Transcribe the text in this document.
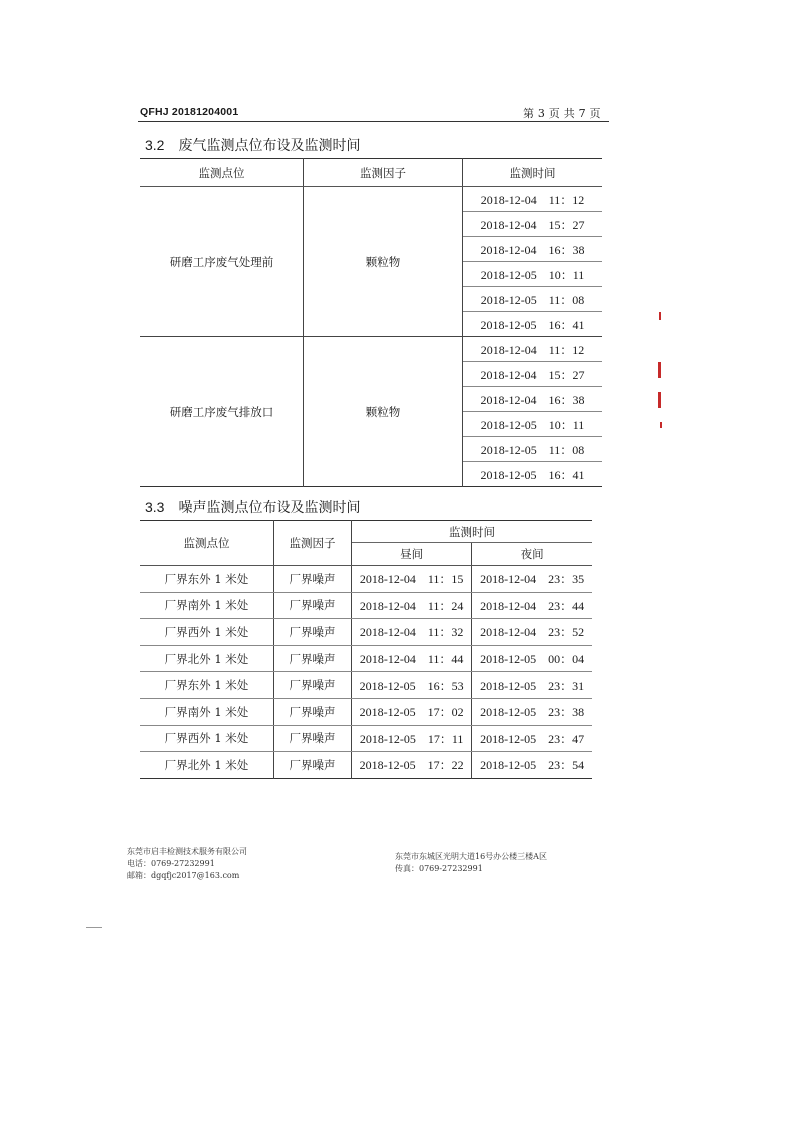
QFHJ 20181204001	第 3 页 共 7 页
3.2 废气监测点位布设及监测时间
监测点位	监测因子	监测时间
研磨工序废气处理前	颗粒物	2018-12-04　11：12
		2018-12-04　15：27
		2018-12-04　16：38
		2018-12-05　10：11
		2018-12-05　11：08
		2018-12-05　16：41
研磨工序废气排放口	颗粒物	2018-12-04　11：12
		2018-12-04　15：27
		2018-12-04　16：38
		2018-12-05　10：11
		2018-12-05　11：08
		2018-12-05　16：41
3.3 噪声监测点位布设及监测时间
监测点位	监测因子	监测时间	
		昼间	夜间
厂界东外 1 米处	厂界噪声	2018-12-04　11：15	2018-12-04　23：35
厂界南外 1 米处	厂界噪声	2018-12-04　11：24	2018-12-04　23：44
厂界西外 1 米处	厂界噪声	2018-12-04　11：32	2018-12-04　23：52
厂界北外 1 米处	厂界噪声	2018-12-04　11：44	2018-12-05　00：04
厂界东外 1 米处	厂界噪声	2018-12-05　16：53	2018-12-05　23：31
厂界南外 1 米处	厂界噪声	2018-12-05　17：02	2018-12-05　23：38
厂界西外 1 米处	厂界噪声	2018-12-05　17：11	2018-12-05　23：47
厂界北外 1 米处	厂界噪声	2018-12-05　17：22	2018-12-05　23：54
东莞市启丰检测技术服务有限公司
电话：0769-27232991
邮箱：dgqfjc2017@163.com
东莞市东城区光明大道16号办公楼三楼A区
传真：0769-27232991
